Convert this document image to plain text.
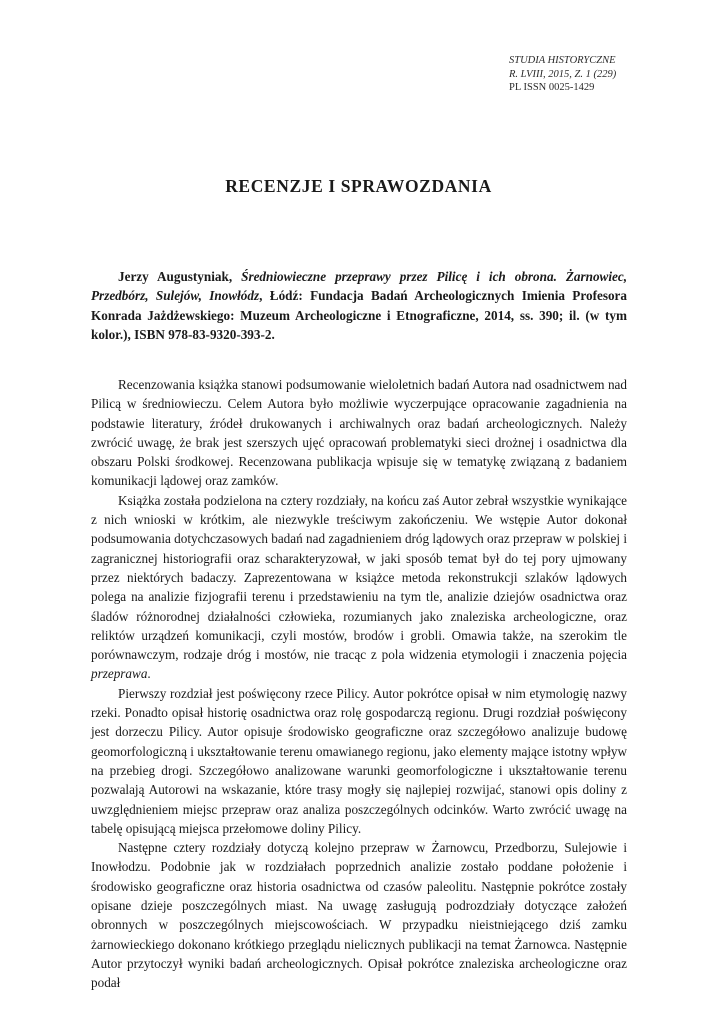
STUDIA HISTORYCZNE
R. LVIII, 2015, Z. 1 (229)
PL ISSN 0025-1429
RECENZJE I SPRAWOZDANIA

Jerzy Augustyniak, Średniowieczne przeprawy przez Pilicę i ich obrona. Żarnowiec, Przedbórz, Sulejów, Inowłódz, Łódź: Fundacja Badań Archeologicznych Imienia Profesora Konrada Jażdżewskiego: Muzeum Archeologiczne i Etnograficzne, 2014, ss. 390; il. (w tym kolor.), ISBN 978-83-9320-393-2.

Recenzowania książka stanowi podsumowanie wieloletnich badań Autora nad osadnictwem nad Pilicą w średniowieczu. Celem Autora było możliwie wyczerpujące opracowanie zagadnienia na podstawie literatury, źródeł drukowanych i archiwalnych oraz badań archeologicznych. Należy zwrócić uwagę, że brak jest szerszych ujęć opracowań problematyki sieci drożnej i osadnictwa dla obszaru Polski środkowej. Recenzowana publikacja wpisuje się w tematykę związaną z badaniem komunikacji lądowej oraz zamków.

Książka została podzielona na cztery rozdziały, na końcu zaś Autor zebrał wszystkie wynikające z nich wnioski w krótkim, ale niezwykle treściwym zakończeniu. We wstępie Autor dokonał podsumowania dotychczasowych badań nad zagadnieniem dróg lądowych oraz przepraw w polskiej i zagranicznej historiografii oraz scharakteryzował, w jaki sposób temat był do tej pory ujmowany przez niektórych badaczy. Zaprezentowana w książce metoda rekonstrukcji szlaków lądowych polega na analizie fizjografii terenu i przedstawieniu na tym tle, analizie dziejów osadnictwa oraz śladów różnorodnej działalności człowieka, rozumianych jako znaleziska archeologiczne, oraz reliktów urządzeń komunikacji, czyli mostów, brodów i grobli. Omawia także, na szerokim tle porównawczym, rodzaje dróg i mostów, nie tracąc z pola widzenia etymologii i znaczenia pojęcia przeprawa.

Pierwszy rozdział jest poświęcony rzece Pilicy. Autor pokrótce opisał w nim etymologię nazwy rzeki. Ponadto opisał historię osadnictwa oraz rolę gospodarczą regionu. Drugi rozdział poświęcony jest dorzeczu Pilicy. Autor opisuje środowisko geograficzne oraz szczegółowo analizuje budowę geomorfologiczną i ukształtowanie terenu omawianego regionu, jako elementy mające istotny wpływ na przebieg drogi. Szczegółowo analizowane warunki geomorfologiczne i ukształtowanie terenu pozwalają Autorowi na wskazanie, które trasy mogły się najlepiej rozwijać, stanowi opis doliny z uwzględnieniem miejsc przepraw oraz analiza poszczególnych odcinków. Warto zwrócić uwagę na tabelę opisującą miejsca przełomowe doliny Pilicy.

Następne cztery rozdziały dotyczą kolejno przepraw w Żarnowcu, Przedborzu, Sulejowie i Inowłodzu. Podobnie jak w rozdziałach poprzednich analizie zostało poddane położenie i środowisko geograficzne oraz historia osadnictwa od czasów paleolitu. Następnie pokrótce zostały opisane dzieje poszczególnych miast. Na uwagę zasługują podrozdziały dotyczące założeń obronnych w poszczególnych miejscowościach. W przypadku nieistniejącego dziś zamku żarnowieckiego dokonano krótkiego przeglądu nielicznych publikacji na temat Żarnowca. Następnie Autor przytoczył wyniki badań archeologicznych. Opisał pokrótce znaleziska archeologiczne oraz podał
